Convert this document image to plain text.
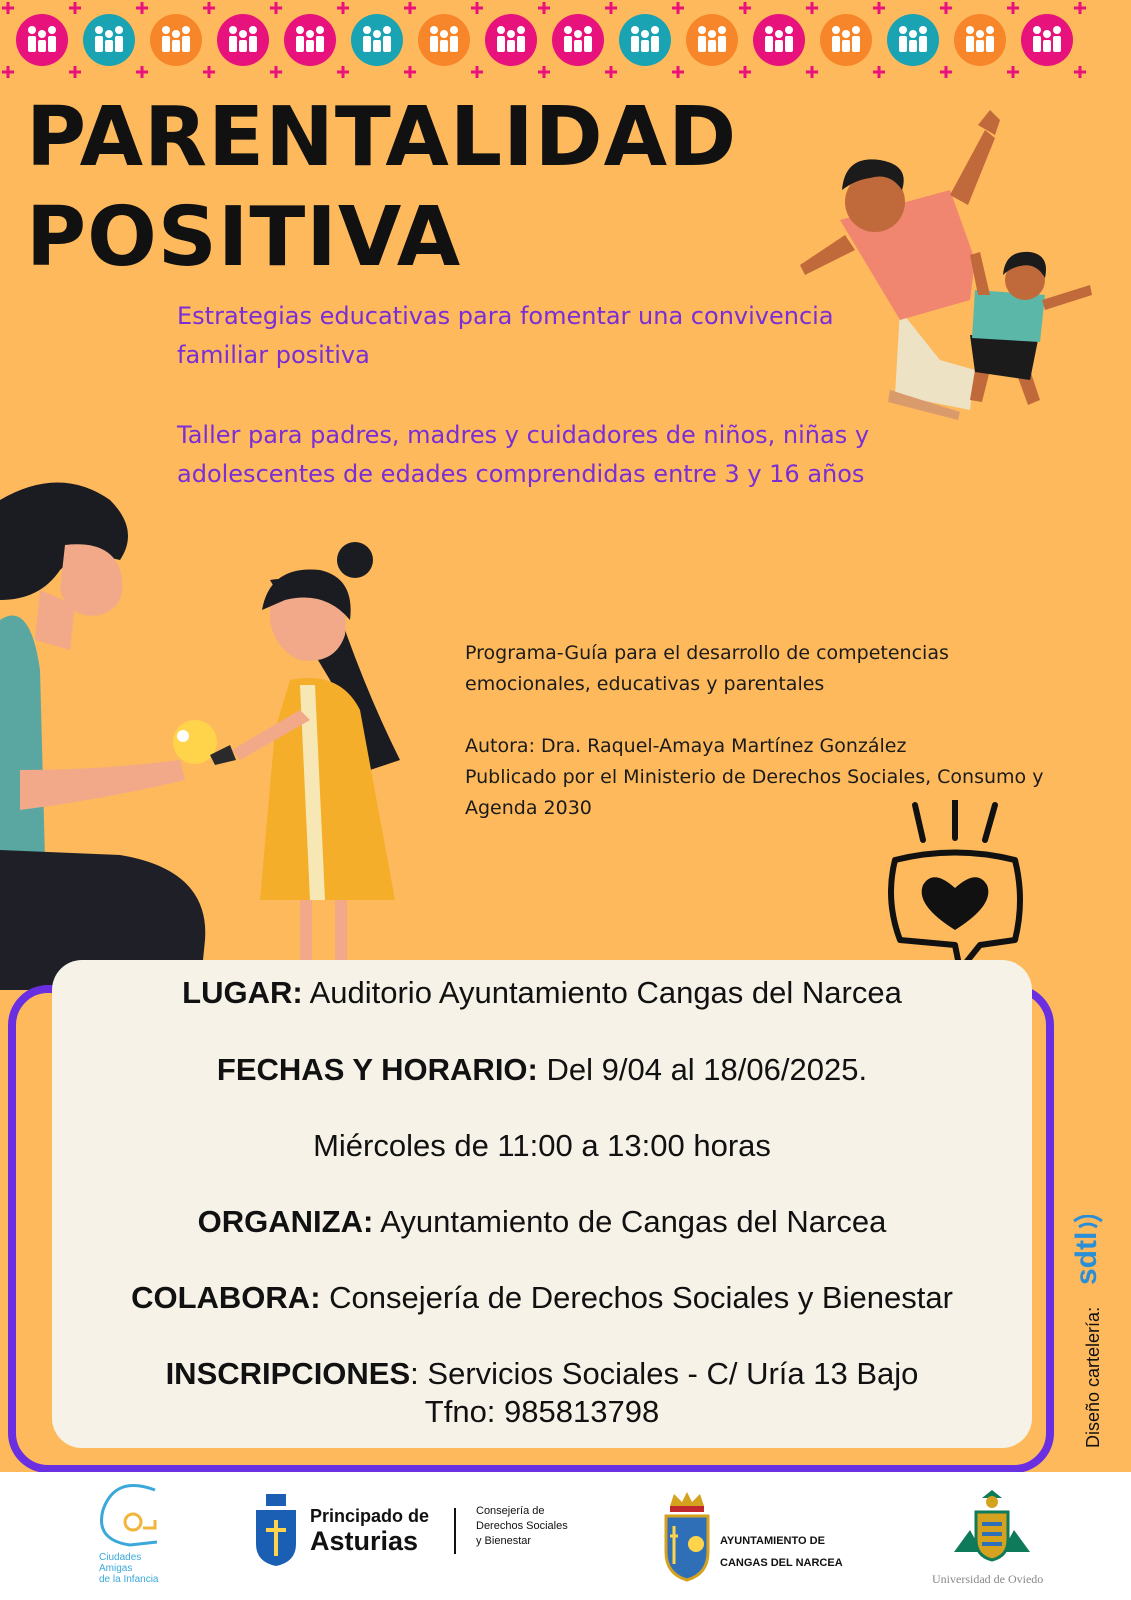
PARENTALIDAD
POSITIVA

Estrategias educativas para fomentar una convivencia
familiar positiva

Taller para padres, madres y cuidadores de niños, niñas y
adolescentes de edades comprendidas entre 3 y 16 años

Programa-Guía para el desarrollo de competencias
emocionales, educativas y parentales

Autora: Dra. Raquel-Amaya Martínez González
Publicado por el Ministerio de Derechos Sociales, Consumo y
Agenda 2030

LUGAR: Auditorio Ayuntamiento Cangas del Narcea
FECHAS Y HORARIO: Del 9/04 al 18/06/2025.
Miércoles de 11:00 a 13:00 horas
ORGANIZA: Ayuntamiento de Cangas del Narcea
COLABORA: Consejería de Derechos Sociales y Bienestar
INSCRIPCIONES: Servicios Sociales - C/ Uría 13 Bajo
Tfno: 985813798
sdtl
Diseño cartelería:
Ciudades
Amigas
de la Infancia
Principado de
Asturias
Consejería de
Derechos Sociales
y Bienestar	AYUNTAMIENTO DE
CANGAS DEL NARCEA
Universidad de Oviedo
